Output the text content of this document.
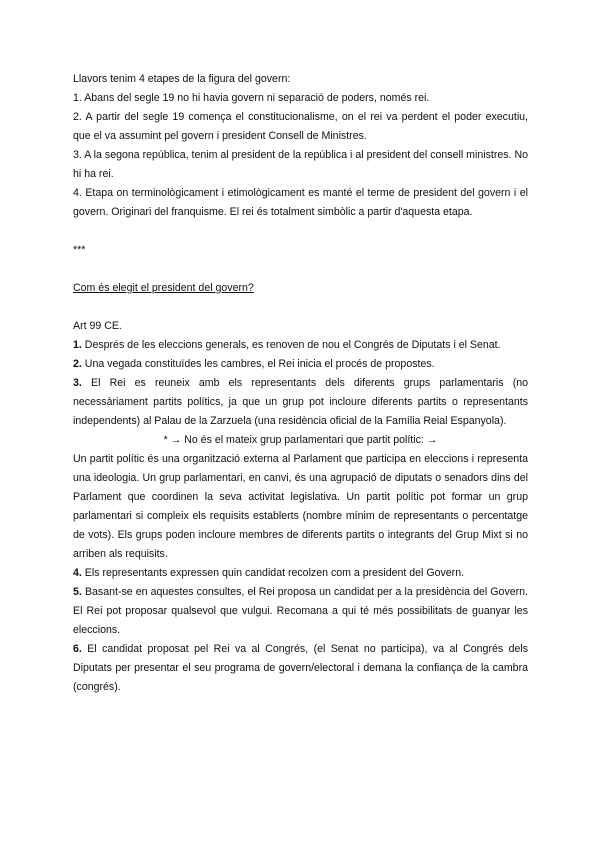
Llavors tenim 4 etapes de la figura del govern:

1. Abans del segle 19 no hi havia govern ni separació de poders, només rei.

2. A partir del segle 19 comença el constitucionalisme, on el rei va perdent el poder executiu, que el va assumint pel govern i president Consell de Ministres.

3. A la segona república, tenim al president de la república i al president del consell ministres. No hi ha rei.

4. Etapa on terminològicament i etimològicament es manté el terme de president del govern i el govern. Originari del franquisme. El rei és totalment simbòlic a partir d'aquesta etapa.

***

Com és elegit el president del govern?

Art 99 CE.

1. Després de les eleccions generals, es renoven de nou el Congrés de Diputats i el Senat.

2. Una vegada constituïdes les cambres, el Rei inicia el procés de propostes.

3. El Rei es reuneix amb els representants dels diferents grups parlamentaris (no necessàriament partits polítics, ja que un grup pot incloure diferents partits o representants independents) al Palau de la Zarzuela (una residència oficial de la Família Reial Espanyola).

* → No és el mateix grup parlamentari que partit polític: →

Un partit polític és una organització externa al Parlament que participa en eleccions i representa una ideologia. Un grup parlamentari, en canvi, és una agrupació de diputats o senadors dins del Parlament que coordinen la seva activitat legislativa. Un partit polític pot formar un grup parlamentari si compleix els requisits establerts (nombre mínim de representants o percentatge de vots). Els grups poden incloure membres de diferents partits o integrants del Grup Mixt si no arriben als requisits.

4. Els representants expressen quin candidat recolzen com a president del Govern.

5. Basant-se en aquestes consultes, el Rei proposa un candidat per a la presidència del Govern. El Rei pot proposar qualsevol que vulgui. Recomana a qui té més possibilitats de guanyar les eleccions.

6. El candidat proposat pel Rei va al Congrés, (el Senat no participa), va al Congrés dels Diputats per presentar el seu programa de govern/electoral i demana la confiança de la cambra (congrés).
